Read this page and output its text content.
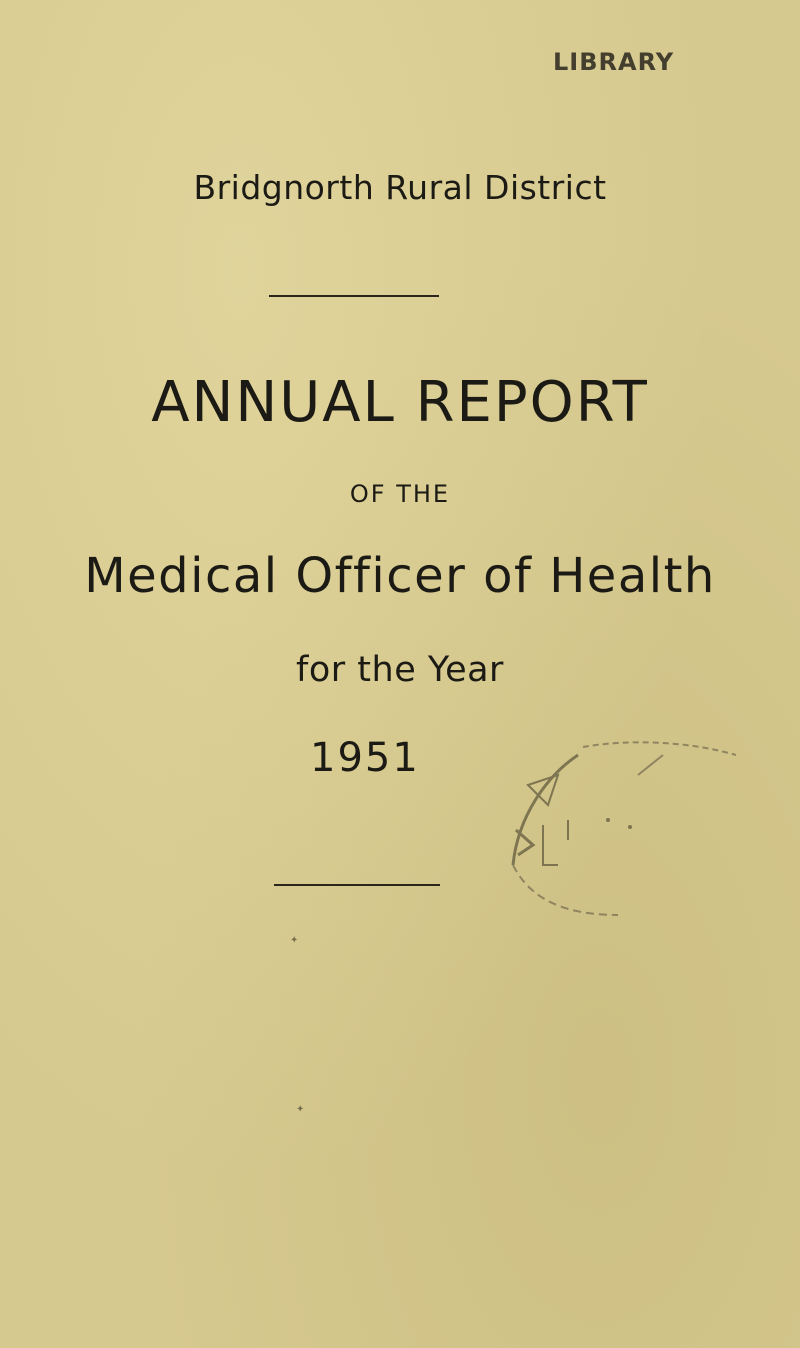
LIBRARY
Bridgnorth Rural District
ANNUAL REPORT
OF THE
Medical Officer of Health
for the Year
1951
✦
✦
